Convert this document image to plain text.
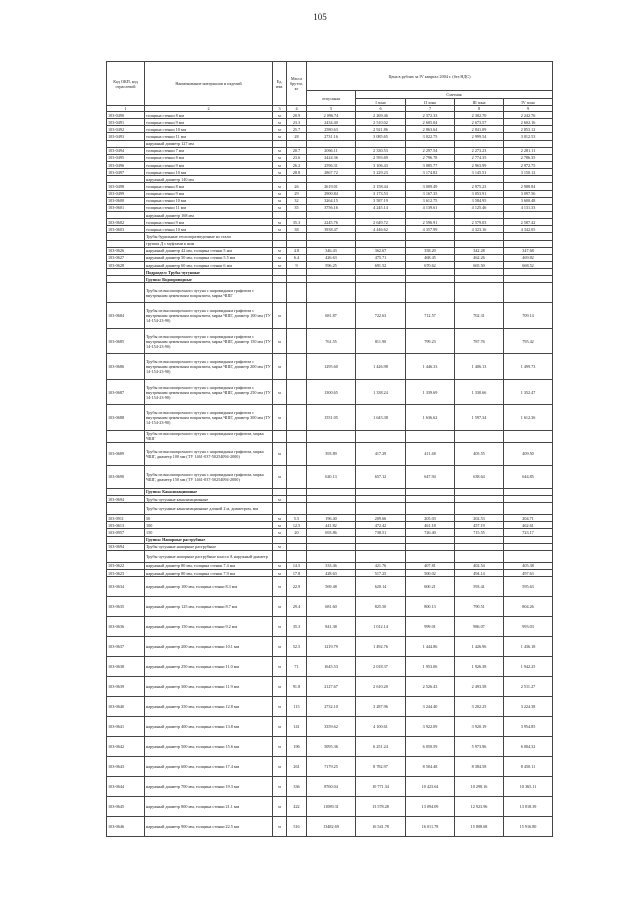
105
Код ОКП, код отраслевой	Наименование материалов и изделий	Ед. изм.	Масса брутто, кг	Цена в рублях за IV квартал 2004 г. (без НДС)				
				отпускная	Сметная			
					I зона	II зона	III зона	IV зона
1	2	3	4	5	6	7	8	9
103-0490	толщина стенки 8 мм	м	20.9	2 096.74	2 269.46	2 372.33	2 302.70	2 242.76
103-0491	толщина стенки 9 мм	м	23.3	2434.40	2 510.02	2 605.04	2 673.57	2 602.16
103-0492	толщина стенки 10 мм	м	25.7	2580.63	2 921.86	2 863.64	2 841.09	2 853.12
103-0493	толщина стенки 11 мм	м	28	2731.16	3 085.65	3 022.75	2 999.54	3 012.53
	наружный диаметр 127 мм							
103-0494	толщина стенки 7 мм	м	20.7	2066.11	2 330.53	2 297.54	2 273.23	2 281.11
103-0495	толщина стенки 8 мм	м	23.6	2424.36	2 593.69	2 796.78	2 774.35	2 786.35
103-0496	толщина стенки 9 мм	м	26.2	2596.31	3 106.43	3 085.77	2 963.99	2 972.75
103-0497	толщина стенки 10 мм	м	28.8	2867.72	3 229.23	3 174.82	3 145.51	3 150.12
	наружный диаметр 140 мм							
103-0498	толщина стенки 8 мм	м	26	2619.01	3 158.44	3 009.49	2 975.23	2 988.84
103-0499	толщина стенки 9 мм	м	29	2900.84	3 173.53	3 167.35	3 053.91	3 097.56
103-0600	толщина стенки 10 мм	м	32	3264.15	3 587.19	3 612.75	3 584.95	3 600.48
103-0601	толщина стенки 11 мм	м	35	3756.16	4 245.14	4 139.61	4 125.46	4 131.33
	наружный диаметр 168 мм							
103-0602	толщина стенки 9 мм	м	35.3	2245.76	2 649.72	2 596.91	2 579.03	2 587.42
103-0603	толщина стенки 10 мм	м	38	3938.47	4 446.62	4 357.99	4 323.16	4 342.05
	Трубы бурильные геологоразведочные из стали							
	группы Д с муфтами к ним							
103-0626	наружный диаметр 42 мм, толщина стенки 5 мм	м	4.8	346.43	362.67	358.20	342.28	347.68
103-0627	наружный диаметр 50 мм, толщина стенки 5.5 мм	м	6.4	426.63	475.71	468.45	462.26	469.82
103-0628	наружный диаметр 60 мм, толщина стенки 6 мм	м	9	596.25	691.52	670.62	665.50	668.52
	Подраздел: Трубы чугунные							
	Группа: Водопроводные							
	Трубы из высокопрочного чугуна с шаровидным графитом с внутренним цементным покрытием, марка ЧШГ							
103-0684	Трубы из высокопрочного чугуна с шаровидным графитом с внутренним цементным покрытием, марка ЧШГ, диаметр 100 мм (ТУ 14-154-23-90)	м		681.87	722.63	712.57	702.31	709.14
103-0685	Трубы из высокопрочного чугуна с шаровидным графитом с внутренним цементным покрытием, марка ЧШГ, диаметр 150 мм (ТУ 14-154-23-90)	м		761.55	811.90	799.23	787.76	795.42
103-0686	Трубы из высокопрочного чугуна с шаровидным графитом с внутренним цементным покрытием, марка ЧШГ, диаметр 200 мм (ТУ 14-154-23-90)	м		1295.60	1 426.98	1 446.33	1 406.13	1 499.73
103-0687	Трубы из высокопрочного чугуна с шаровидным графитом с внутренним цементным покрытием, марка ЧШГ, диаметр 250 мм (ТУ 14-154-23-90)	м		1300.65	1 338.24	1 339.69	1 330.66	1 352.47
103-0688	Трубы из высокопрочного чугуна с шаровидным графитом с внутренним цементным покрытием, марка ЧШГ, диаметр 300 мм (ТУ 14-154-23-90)	м		1551.05	1 643.38	1 636.62	1 597.34	1 612.36
	Трубы из высокопрочного чугуна с шаровидным графитом, марка ЧШГ							
103-0689	Трубы из высокопрочного чугуна с шаровидным графитом, марка ЧШГ, диаметр 100 мм (ТУ 1461-037-50254094-2000)	м		393.89	417.29	411.48	405.55	409.50
103-0690	Трубы из высокопрочного чугуна с шаровидным графитом, марка ЧШГ, диаметр 150 мм (ТУ 1461-037-50254094-2000)	м		620.13	657.12	647.94	638.64	644.85
	Группа: Канализационные							
103-0694	Трубы чугунные канализационные	м						
	Трубы чугунные канализационные длиной 2 м, диаметром, мм							
103-0911	50	м	5.5	196.40	209.66	205.03	202.53	204.71
103-0613	100	м	12.5	441.82	472.42	461.18	457.19	462.61
103-0957	150	м	20	693.86	738.51	726.40	715.55	723.17
	Группа: Напорные раструбные							
103-0694	Трубы чугунные напорные раструбные	м						
	Трубы чугунные напорные раструбные класса А наружный диаметр							
103-0622	наружный диаметр 80 мм, толщина стенки 7.4 мм	м	14.5	333.46	421.76	407.81	402.54	405.38
103-0623	наружный диаметр 80 мм, толщина стенки 7.9 мм	м	17.8	428.63	517.25	500.02	494.14	497.63
103-0634	наружный диаметр 100 мм, толщина стенки 8.3 мм	м	22.9	569.48	620.14	600.21	593.41	595.63
103-0635	наружный диаметр 125 мм, толщина стенки 8.7 мм	м	29.4	681.60	825.50	800.13	790.51	804.26
103-0636	наружный диаметр 150 мм, толщина стенки 9.2 мм	м	35.3	841.38	1 012.14	999.01	986.07	993.03
103-0637	наружный диаметр 200 мм, толщина стенки 10.1 мм	м	52.5	1219.79	1 492.76	1 444.86	1 426.96	1 436.18
103-0638	наружный диаметр 250 мм, толщина стенки 11.0 мм	м	71	1645.53	2 018.37	1 953.06	1 926.38	1 942.25
103-0639	наружный диаметр 300 мм, толщина стенки 11.9 мм	м	91.8	2127.67	2 610.20	2 526.43	2 493.58	2 511.27
103-0640	наружный диаметр 350 мм, толщина стенки 12.8 мм	м	115	2732.10	3 287.96	3 244.40	3 202.25	3 224.38
103-0641	наружный диаметр 400 мм, толщина стенки 13.8 мм	м	141	3359.62	4 100.61	3 922.09	3 920.19	3 954.85
103-0642	наружный диаметр 500 мм, толщина стенки 15.6 мм	м	196	5095.36	6 251.24	6 050.59	5 973.96	6 004.32
103-0643	наружный диаметр 600 мм, толщина стенки 17.4 мм	м	261	7179.25	8 782.97	8 504.48	8 384.58	8 450.11
103-0644	наружный диаметр 700 мм, толщина стенки 19.3 мм	м	336	8760.04	10 771.34	10 423.64	10 298.16	10 365.11
103-0645	наружный диаметр 800 мм, толщина стенки 21.1 мм	м	422	11089.31	13 578.28	13 094.09	12 923.96	13 018.39
103-0646	наружный диаметр 900 мм, толщина стенки 22.5 мм	м	516	13482.69	16 541.78	16 011.78	15 808.68	15 916.80
